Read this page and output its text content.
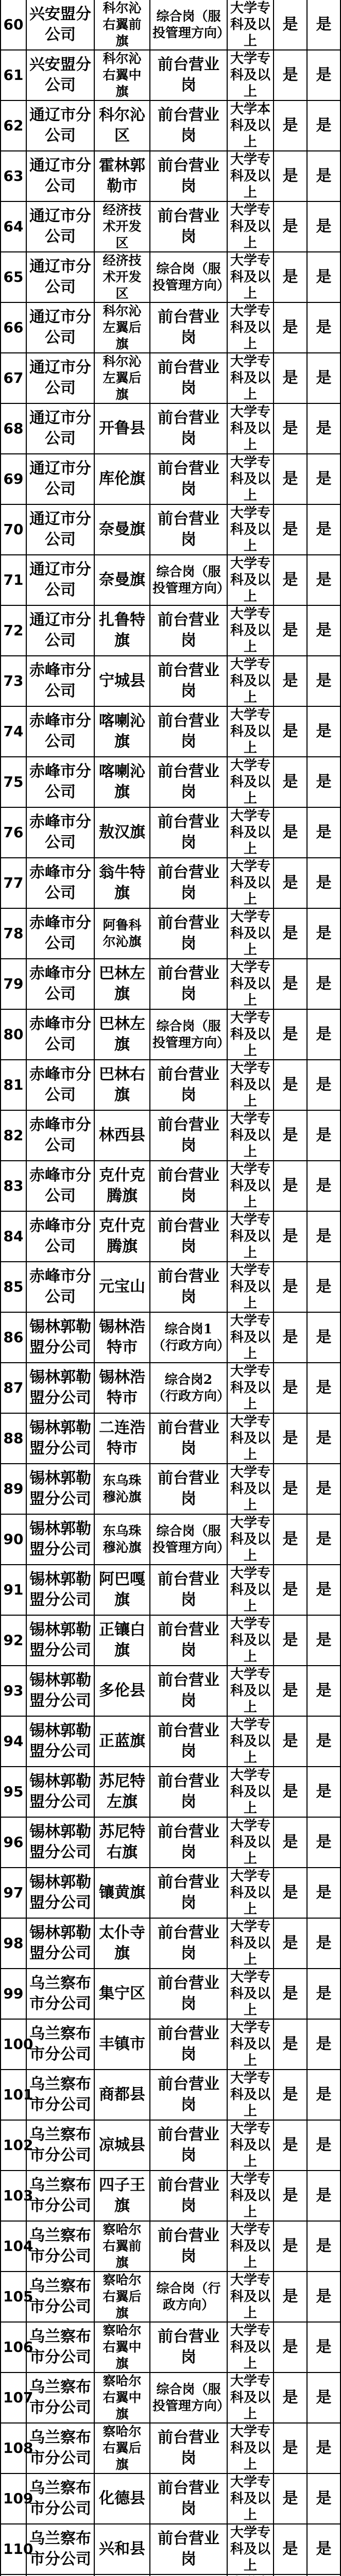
60	兴安盟分公司	科尔沁右翼前旗	综合岗（服投管理方向）	大学专科及以上	是	是
61	兴安盟分公司	科尔沁右翼中旗	前台营业岗	大学专科及以上	是	是
62	通辽市分公司	科尔沁区	前台营业岗	大学本科及以上	是	是
63	通辽市分公司	霍林郭勒市	前台营业岗	大学专科及以上	是	是
64	通辽市分公司	经济技术开发区	前台营业岗	大学专科及以上	是	是
65	通辽市分公司	经济技术开发区	综合岗（服投管理方向）	大学专科及以上	是	是
66	通辽市分公司	科尔沁左翼后旗	前台营业岗	大学专科及以上	是	是
67	通辽市分公司	科尔沁左翼后旗	前台营业岗	大学专科及以上	是	是
68	通辽市分公司	开鲁县	前台营业岗	大学专科及以上	是	是
69	通辽市分公司	库伦旗	前台营业岗	大学专科及以上	是	是
70	通辽市分公司	奈曼旗	前台营业岗	大学专科及以上	是	是
71	通辽市分公司	奈曼旗	综合岗（服投管理方向）	大学专科及以上	是	是
72	通辽市分公司	扎鲁特旗	前台营业岗	大学专科及以上	是	是
73	赤峰市分公司	宁城县	前台营业岗	大学专科及以上	是	是
74	赤峰市分公司	喀喇沁旗	前台营业岗	大学专科及以上	是	是
75	赤峰市分公司	喀喇沁旗	前台营业岗	大学专科及以上	是	是
76	赤峰市分公司	敖汉旗	前台营业岗	大学专科及以上	是	是
77	赤峰市分公司	翁牛特旗	前台营业岗	大学专科及以上	是	是
78	赤峰市分公司	阿鲁科尔沁旗	前台营业岗	大学专科及以上	是	是
79	赤峰市分公司	巴林左旗	前台营业岗	大学专科及以上	是	是
80	赤峰市分公司	巴林左旗	综合岗（服投管理方向）	大学专科及以上	是	是
81	赤峰市分公司	巴林右旗	前台营业岗	大学专科及以上	是	是
82	赤峰市分公司	林西县	前台营业岗	大学专科及以上	是	是
83	赤峰市分公司	克什克腾旗	前台营业岗	大学专科及以上	是	是
84	赤峰市分公司	克什克腾旗	前台营业岗	大学专科及以上	是	是
85	赤峰市分公司	元宝山	前台营业岗	大学专科及以上	是	是
86	锡林郭勒盟分公司	锡林浩特市	综合岗1（行政方向）	大学专科及以上	是	是
87	锡林郭勒盟分公司	锡林浩特市	综合岗2（行政方向）	大学专科及以上	是	是
88	锡林郭勒盟分公司	二连浩特市	前台营业岗	大学专科及以上	是	是
89	锡林郭勒盟分公司	东乌珠穆沁旗	前台营业岗	大学专科及以上	是	是
90	锡林郭勒盟分公司	东乌珠穆沁旗	综合岗（服投管理方向）	大学专科及以上	是	是
91	锡林郭勒盟分公司	阿巴嘎旗	前台营业岗	大学专科及以上	是	是
92	锡林郭勒盟分公司	正镶白旗	前台营业岗	大学专科及以上	是	是
93	锡林郭勒盟分公司	多伦县	前台营业岗	大学专科及以上	是	是
94	锡林郭勒盟分公司	正蓝旗	前台营业岗	大学专科及以上	是	是
95	锡林郭勒盟分公司	苏尼特左旗	前台营业岗	大学专科及以上	是	是
96	锡林郭勒盟分公司	苏尼特右旗	前台营业岗	大学专科及以上	是	是
97	锡林郭勒盟分公司	镶黄旗	前台营业岗	大学专科及以上	是	是
98	锡林郭勒盟分公司	太仆寺旗	前台营业岗	大学专科及以上	是	是
99	乌兰察布市分公司	集宁区	前台营业岗	大学专科及以上	是	是
100	乌兰察布市分公司	丰镇市	前台营业岗	大学专科及以上	是	是
101	乌兰察布市分公司	商都县	前台营业岗	大学专科及以上	是	是
102	乌兰察布市分公司	凉城县	前台营业岗	大学专科及以上	是	是
103	乌兰察布市分公司	四子王旗	前台营业岗	大学专科及以上	是	是
104	乌兰察布市分公司	察哈尔右翼前旗	前台营业岗	大学专科及以上	是	是
105	乌兰察布市分公司	察哈尔右翼后旗	综合岗（行政方向）	大学专科及以上	是	是
106	乌兰察布市分公司	察哈尔右翼中旗	前台营业岗	大学专科及以上	是	是
107	乌兰察布市分公司	察哈尔右翼中旗	综合岗（服投管理方向）	大学专科及以上	是	是
108	乌兰察布市分公司	察哈尔右翼后旗	前台营业岗	大学专科及以上	是	是
109	乌兰察布市分公司	化德县	前台营业岗	大学专科及以上	是	是
110	乌兰察布市分公司	兴和县	前台营业岗	大学专科及以上	是	是
